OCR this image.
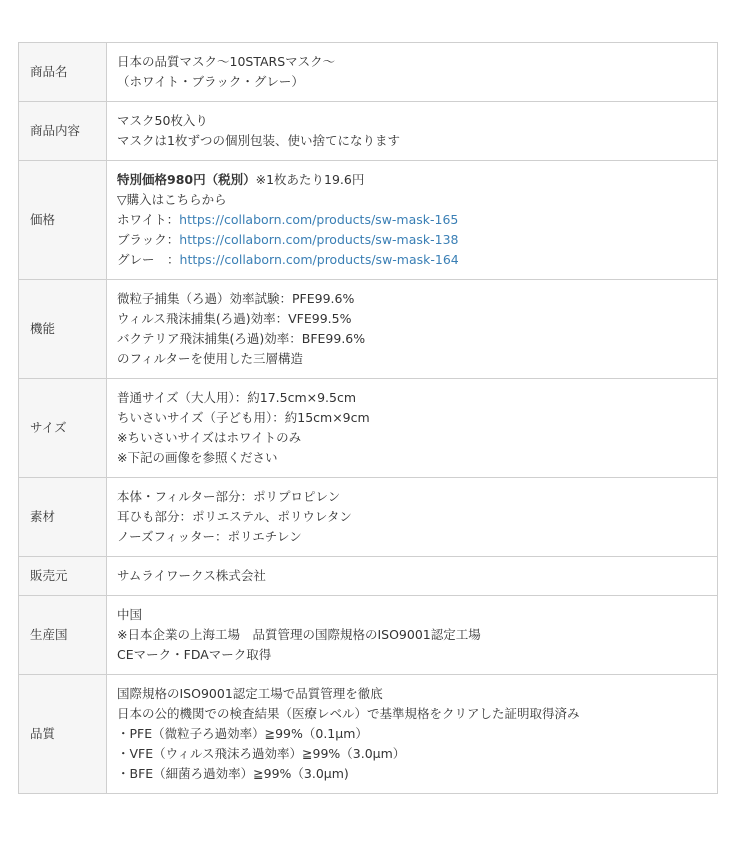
商品名	日本の品質マスク〜10STARSマスク〜
（ホワイト・ブラック・グレー）

商品内容	マスク50枚入り
マスクは1枚ずつの個別包装、使い捨てになります

価格	特別価格980円（税別）※1枚あたり19.6円
▽購入はこちらから
ホワイト：https://collaborn.com/products/sw-mask-165
ブラック：https://collaborn.com/products/sw-mask-138
グレー　：https://collaborn.com/products/sw-mask-164

機能	微粒子捕集（ろ過）効率試験：PFE99.6%
ウィルス飛沫捕集(ろ過)効率：VFE99.5%
バクテリア飛沫捕集(ろ過)効率：BFE99.6%
のフィルターを使用した三層構造

サイズ	普通サイズ（大人用）：約17.5cm×9.5cm
ちいさいサイズ（子ども用）：約15cm×9cm
※ちいさいサイズはホワイトのみ
※下記の画像を参照ください

素材	本体・フィルター部分：ポリプロピレン
耳ひも部分：ポリエステル、ポリウレタン
ノーズフィッター：ポリエチレン

販売元	サムライワークス株式会社

生産国	中国
※日本企業の上海工場　品質管理の国際規格のISO9001認定工場
CEマーク・FDAマーク取得

品質	国際規格のISO9001認定工場で品質管理を徹底
日本の公的機関での検査結果（医療レベル）で基準規格をクリアした証明取得済み
・PFE（微粒子ろ過効率）≧99%（0.1μm）
・VFE（ウィルス飛沫ろ過効率）≧99%（3.0μm）
・BFE（細菌ろ過効率）≧99%（3.0μm)
